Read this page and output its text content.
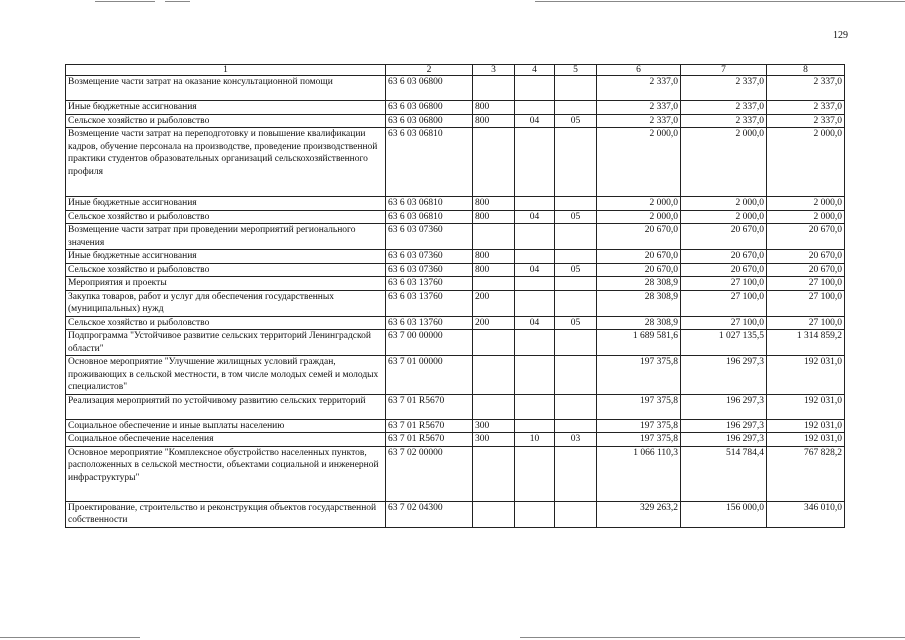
129
1	2	3	4	5	6	7	8
Возмещение части затрат на оказание консультационной помощи	63 6 03 06800				2 337,0	2 337,0	2 337,0
Иные бюджетные ассигнования	63 6 03 06800	800			2 337,0	2 337,0	2 337,0
Сельское хозяйство и рыболовство	63 6 03 06800	800	04	05	2 337,0	2 337,0	2 337,0
Возмещение части затрат на переподготовку и повышение квалификации кадров, обучение персонала на производстве, проведение производственной практики студентов образовательных организаций сельскохозяйственного профиля	63 6 03 06810				2 000,0	2 000,0	2 000,0
Иные бюджетные ассигнования	63 6 03 06810	800			2 000,0	2 000,0	2 000,0
Сельское хозяйство и рыболовство	63 6 03 06810	800	04	05	2 000,0	2 000,0	2 000,0
Возмещение части затрат при проведении мероприятий регионального значения	63 6 03 07360				20 670,0	20 670,0	20 670,0
Иные бюджетные ассигнования	63 6 03 07360	800			20 670,0	20 670,0	20 670,0
Сельское хозяйство и рыболовство	63 6 03 07360	800	04	05	20 670,0	20 670,0	20 670,0
Мероприятия и проекты	63 6 03 13760				28 308,9	27 100,0	27 100,0
Закупка товаров, работ и услуг для обеспечения государственных (муниципальных) нужд	63 6 03 13760	200			28 308,9	27 100,0	27 100,0
Сельское хозяйство и рыболовство	63 6 03 13760	200	04	05	28 308,9	27 100,0	27 100,0
Подпрограмма "Устойчивое развитие сельских территорий Ленинградской области"	63 7 00 00000				1 689 581,6	1 027 135,5	1 314 859,2
Основное мероприятие "Улучшение жилищных условий граждан, проживающих в сельской местности, в том числе молодых семей и молодых специалистов"	63 7 01 00000				197 375,8	196 297,3	192 031,0
Реализация мероприятий по устойчивому развитию сельских территорий	63 7 01 R5670				197 375,8	196 297,3	192 031,0
Социальное обеспечение и иные выплаты населению	63 7 01 R5670	300			197 375,8	196 297,3	192 031,0
Социальное обеспечение населения	63 7 01 R5670	300	10	03	197 375,8	196 297,3	192 031,0
Основное мероприятие "Комплексное обустройство населенных пунктов, расположенных в сельской местности, объектами социальной и инженерной инфраструктуры"	63 7 02 00000				1 066 110,3	514 784,4	767 828,2
Проектирование, строительство и реконструкция объектов государственной собственности	63 7 02 04300				329 263,2	156 000,0	346 010,0
